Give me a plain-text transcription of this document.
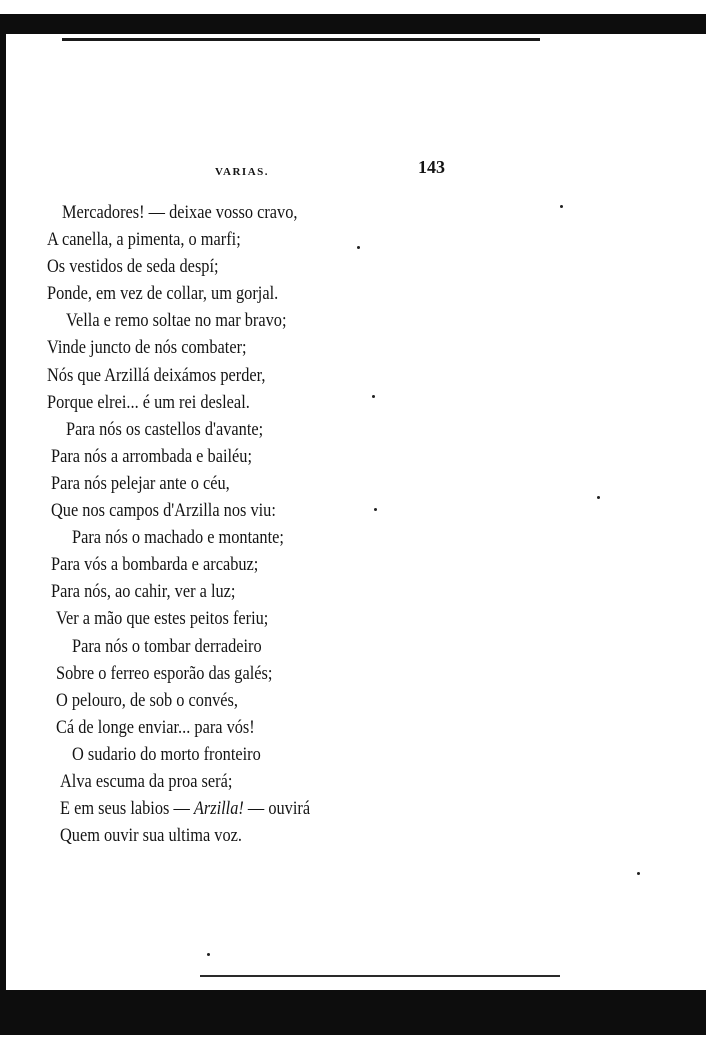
VARIAS.	143
Mercadores! — deixae vosso cravo,
A canella, a pimenta, o marfi;
Os vestidos de seda despí;
Ponde, em vez de collar, um gorjal.
Vella e remo soltae no mar bravo;
Vinde juncto de nós combater;
Nós que Arzillá deixámos perder,
Porque elrei... é um rei desleal.
Para nós os castellos d'avante;
Para nós a arrombada e bailéu;
Para nós pelejar ante o céu,
Que nos campos d'Arzilla nos viu:
Para nós o machado e montante;
Para vós a bombarda e arcabuz;
Para nós, ao cahir, ver a luz;
Ver a mão que estes peitos feriu;
Para nós o tombar derradeiro
Sobre o ferreo esporão das galés;
O pelouro, de sob o convés,
Cá de longe enviar... para vós!
O sudario do morto fronteiro
Alva escuma da proa será;
E em seus labios — Arzilla! — ouvirá
Quem ouvir sua ultima voz.
